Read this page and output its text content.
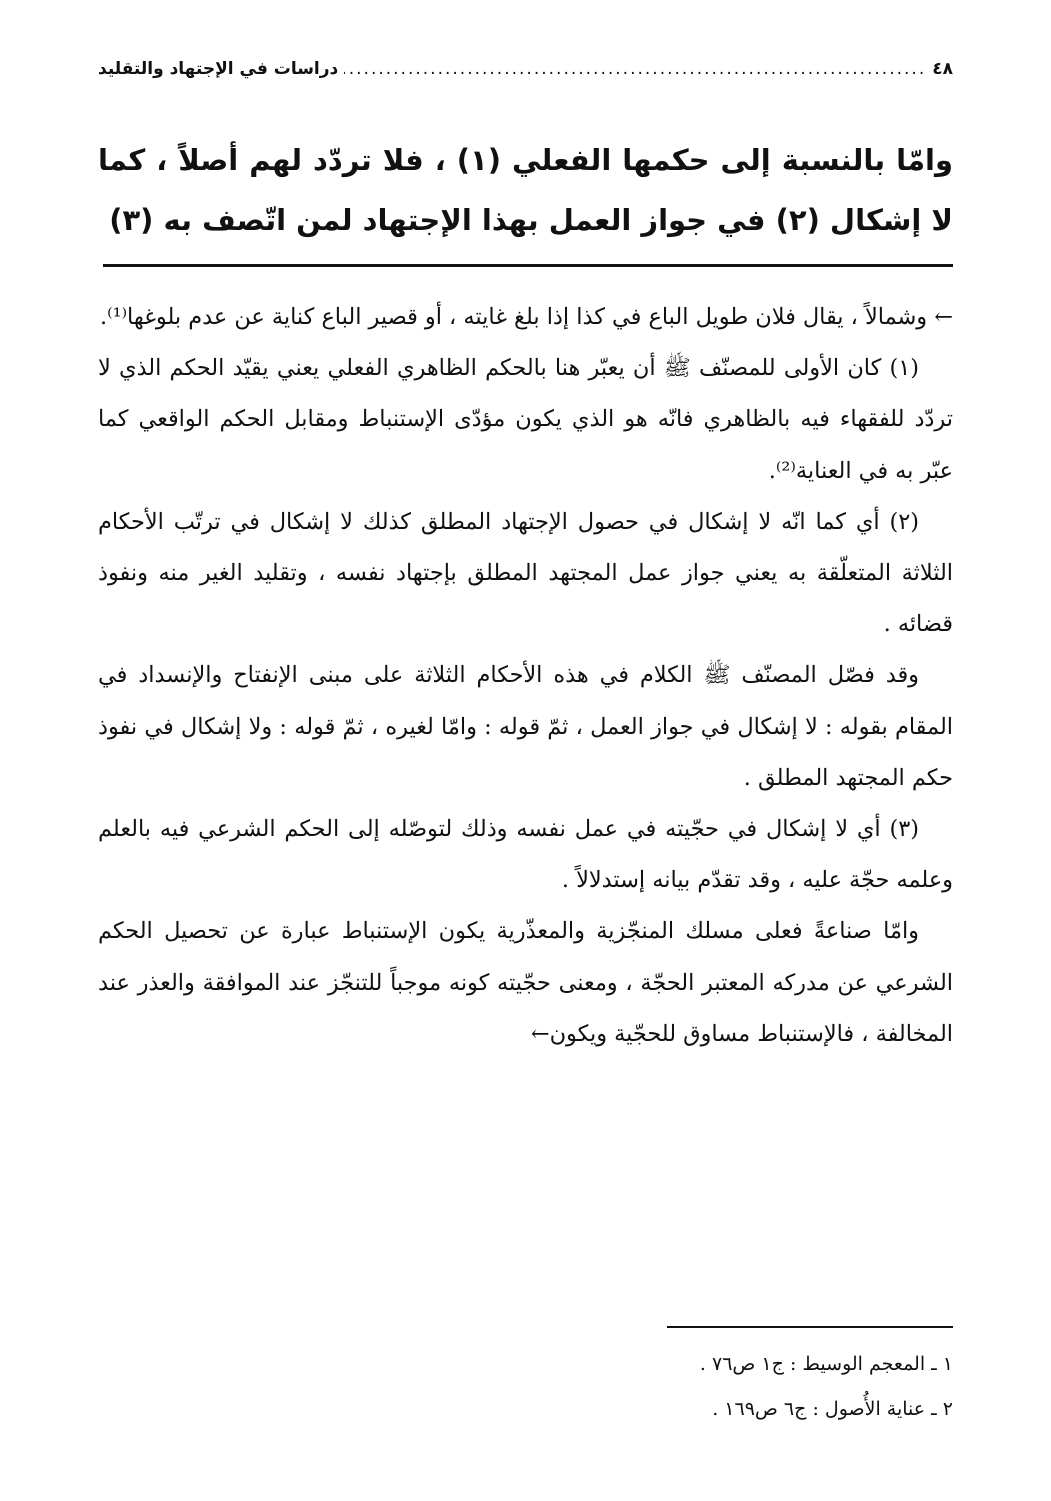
٤٨
.....
دراسات في الإجتهاد والتقليد
وامّا بالنسبة إلى حكمها الفعلي (١) ، فلا تردّد لهم أصلاً ، كما لا إشكال (٢) في جواز العمل بهذا الإجتهاد لمن اتّصف به (٣)

← وشمالاً ، يقال فلان طويل الباع في كذا إذا بلغ غايته ، أو قصير الباع كناية عن عدم بلوغها⁽¹⁾.

(١) كان الأولى للمصنّف ﷺ أن يعبّر هنا بالحكم الظاهري الفعلي يعني يقيّد الحكم الذي لا تردّد للفقهاء فيه بالظاهري فانّه هو الذي يكون مؤدّى الإستنباط ومقابل الحكم الواقعي كما عبّر به في العناية⁽²⁾.

(٢) أي كما انّه لا إشكال في حصول الإجتهاد المطلق كذلك لا إشكال في ترتّب الأحكام الثلاثة المتعلّقة به يعني جواز عمل المجتهد المطلق بإجتهاد نفسه ، وتقليد الغير منه ونفوذ قضائه .

وقد فصّل المصنّف ﷺ الكلام في هذه الأحكام الثلاثة على مبنى الإنفتاح والإنسداد في المقام بقوله : لا إشكال في جواز العمل ، ثمّ قوله : وامّا لغيره ، ثمّ قوله : ولا إشكال في نفوذ حكم المجتهد المطلق .

(٣) أي لا إشكال في حجّيته في عمل نفسه وذلك لتوصّله إلى الحكم الشرعي فيه بالعلم وعلمه حجّة عليه ، وقد تقدّم بيانه إستدلالاً .

وامّا صناعةً فعلى مسلك المنجّزية والمعذّرية يكون الإستنباط عبارة عن تحصيل الحكم الشرعي عن مدركه المعتبر الحجّة ، ومعنى حجّيته كونه موجباً للتنجّز عند الموافقة والعذر عند المخالفة ، فالإستنباط مساوق للحجّية ويكون←

١ ـ المعجم الوسيط : ج١ ص٧٦ .
٢ ـ عناية الأُصول : ج٦ ص١٦٩ .
